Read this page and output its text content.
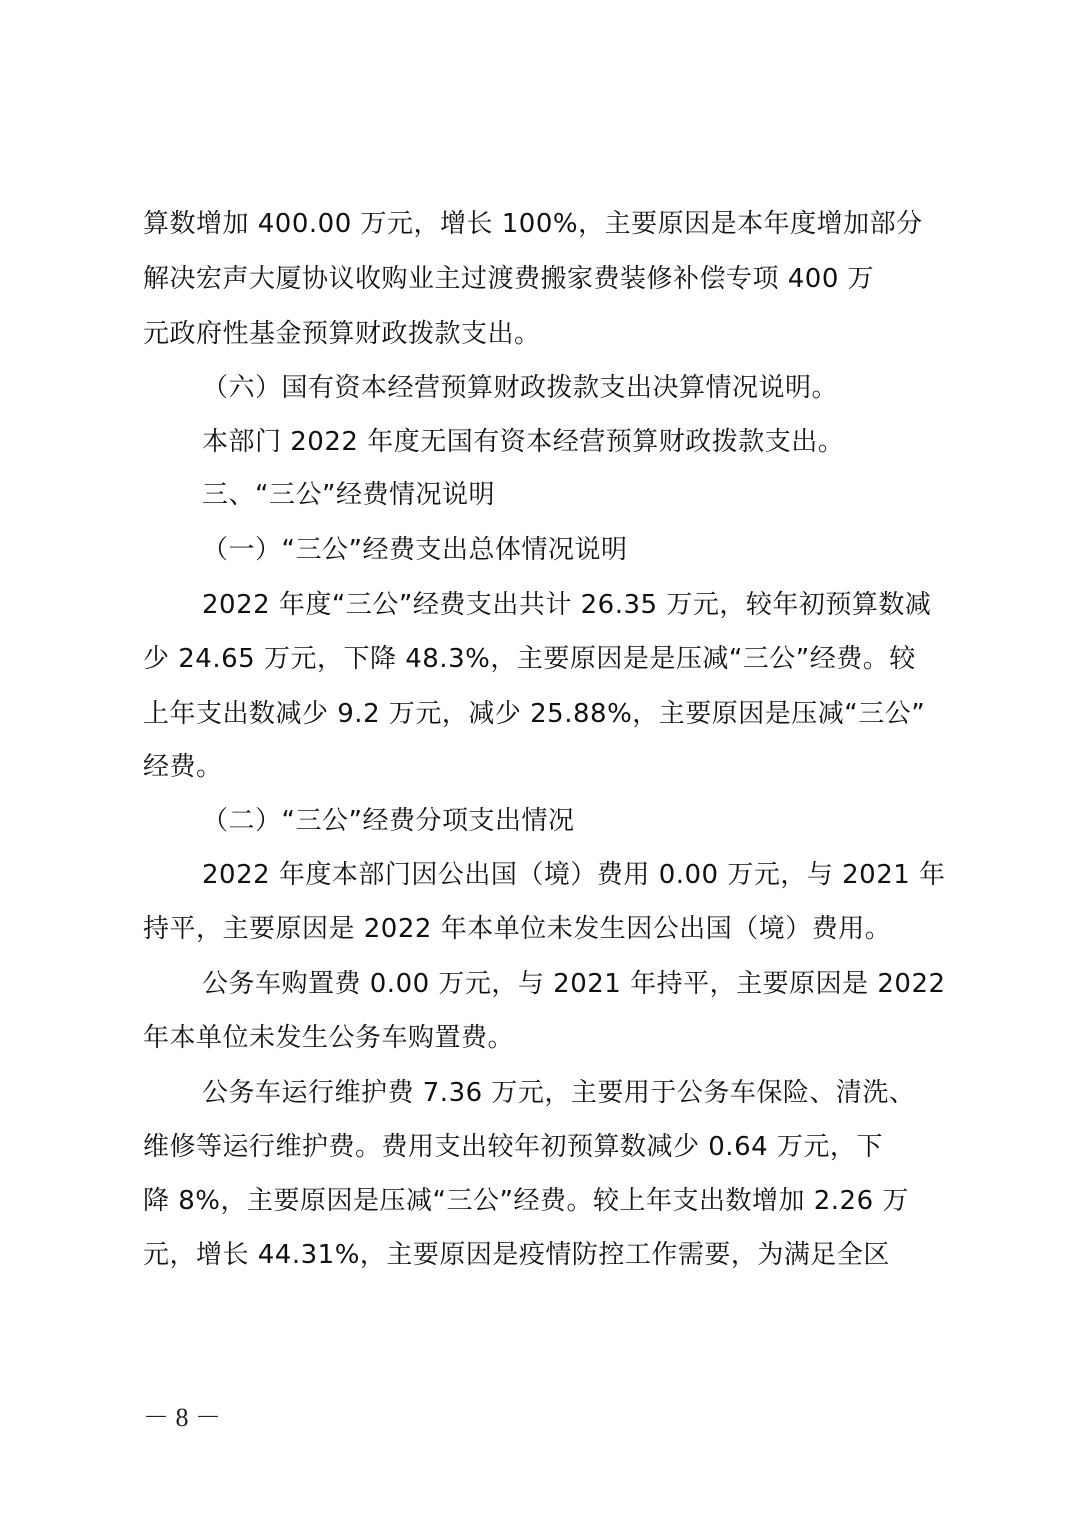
算数增加 400.00 万元，增长 100%，主要原因是本年度增加部分
解决宏声大厦协议收购业主过渡费搬家费装修补偿专项 400 万
元政府性基金预算财政拨款支出。
（六）国有资本经营预算财政拨款支出决算情况说明。
本部门 2022 年度无国有资本经营预算财政拨款支出。
三、“三公”经费情况说明
（一）“三公”经费支出总体情况说明
2022 年度“三公”经费支出共计 26.35 万元，较年初预算数减
少 24.65 万元，下降 48.3%，主要原因是是压减“三公”经费。较
上年支出数减少 9.2 万元，减少 25.88%，主要原因是压减“三公”
经费。
（二）“三公”经费分项支出情况
2022 年度本部门因公出国（境）费用 0.00 万元，与 2021 年
持平，主要原因是 2022 年本单位未发生因公出国（境）费用。
公务车购置费 0.00 万元，与 2021 年持平，主要原因是 2022
年本单位未发生公务车购置费。
公务车运行维护费 7.36 万元，主要用于公务车保险、清洗、
维修等运行维护费。费用支出较年初预算数减少 0.64 万元，下
降 8%，主要原因是压减“三公”经费。较上年支出数增加 2.26 万
元，增长 44.31%，主要原因是疫情防控工作需要，为满足全区
－ 8 －
